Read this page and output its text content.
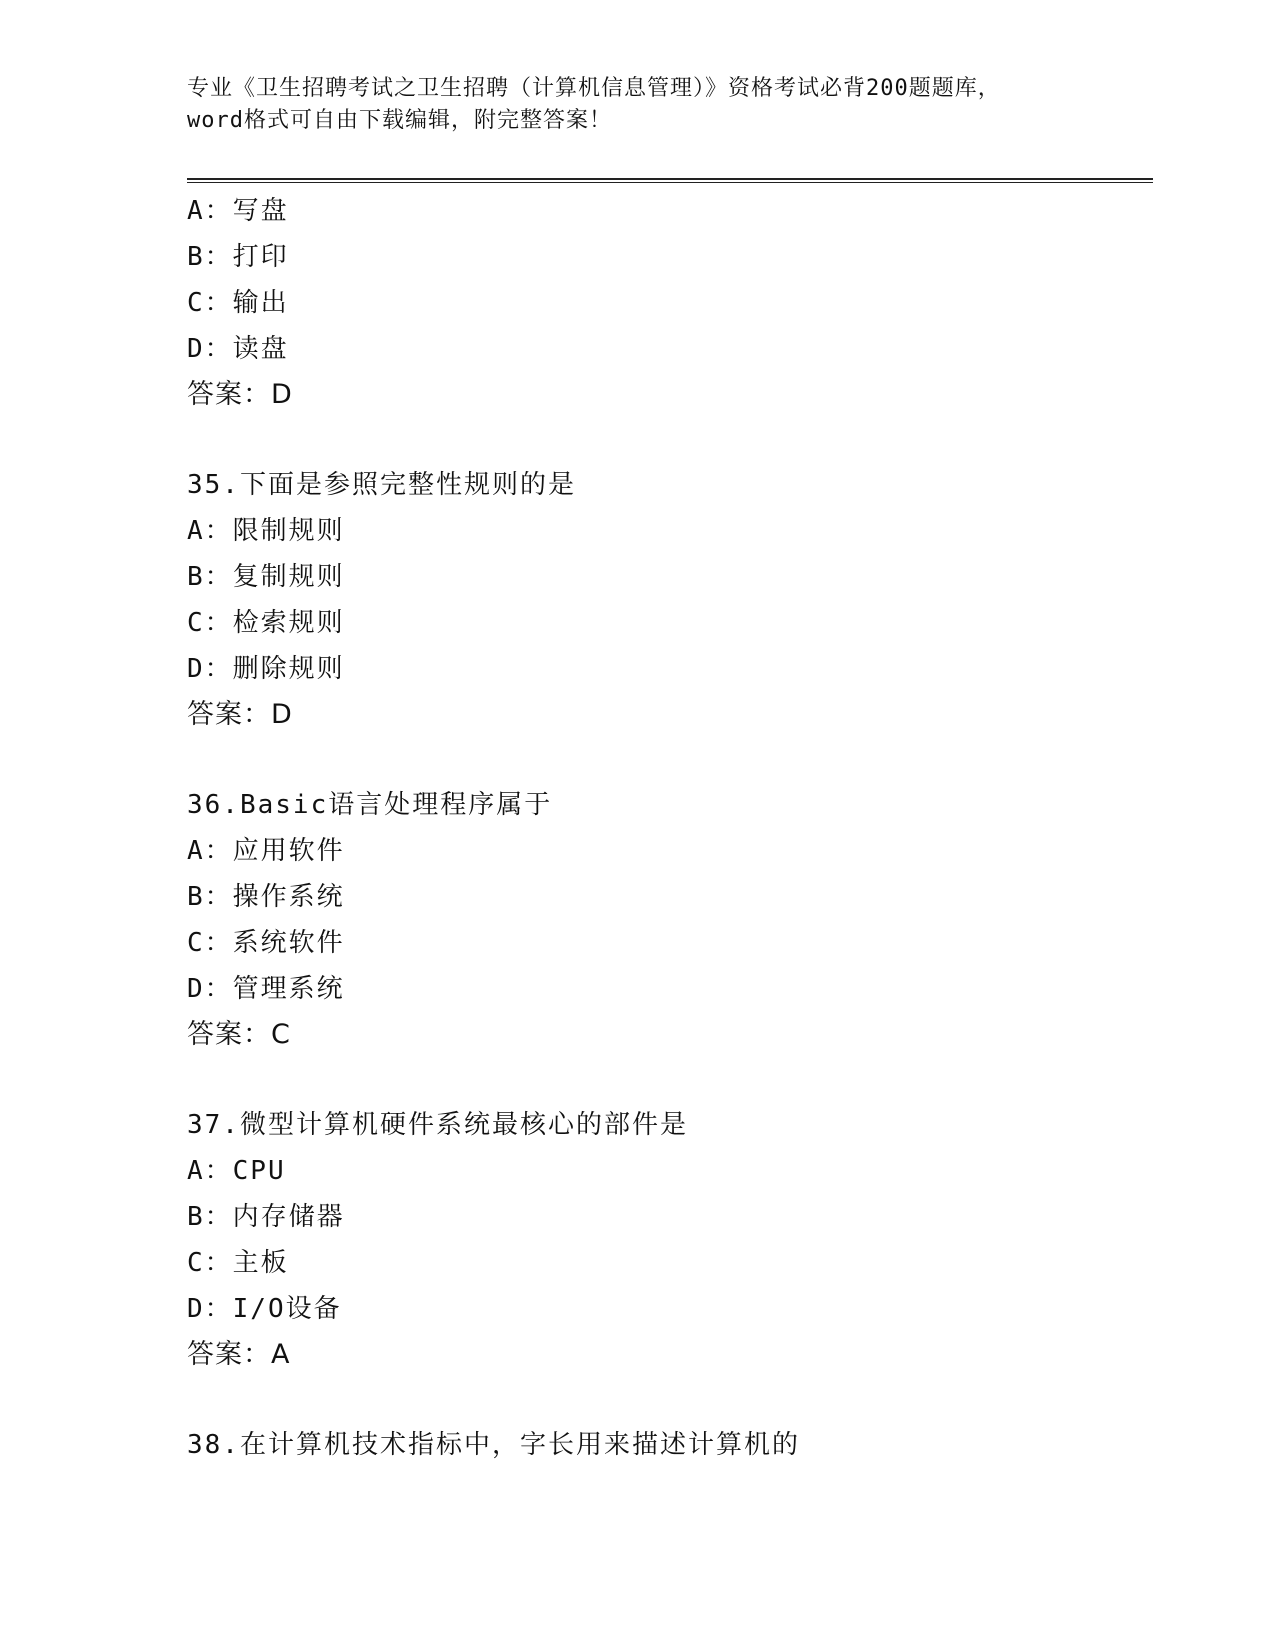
专业《卫生招聘考试之卫生招聘（计算机信息管理）》资格考试必背200题题库，
word格式可自由下载编辑，附完整答案！
A：写盘
B：打印
C：输出
D：读盘
答案：D
35.下面是参照完整性规则的是
A：限制规则
B：复制规则
C：检索规则
D：删除规则
答案：D
36.Basic语言处理程序属于
A：应用软件
B：操作系统
C：系统软件
D：管理系统
答案：C
37.微型计算机硬件系统最核心的部件是
A：CPU
B：内存储器
C：主板
D：I/O设备
答案：A
38.在计算机技术指标中，字长用来描述计算机的
